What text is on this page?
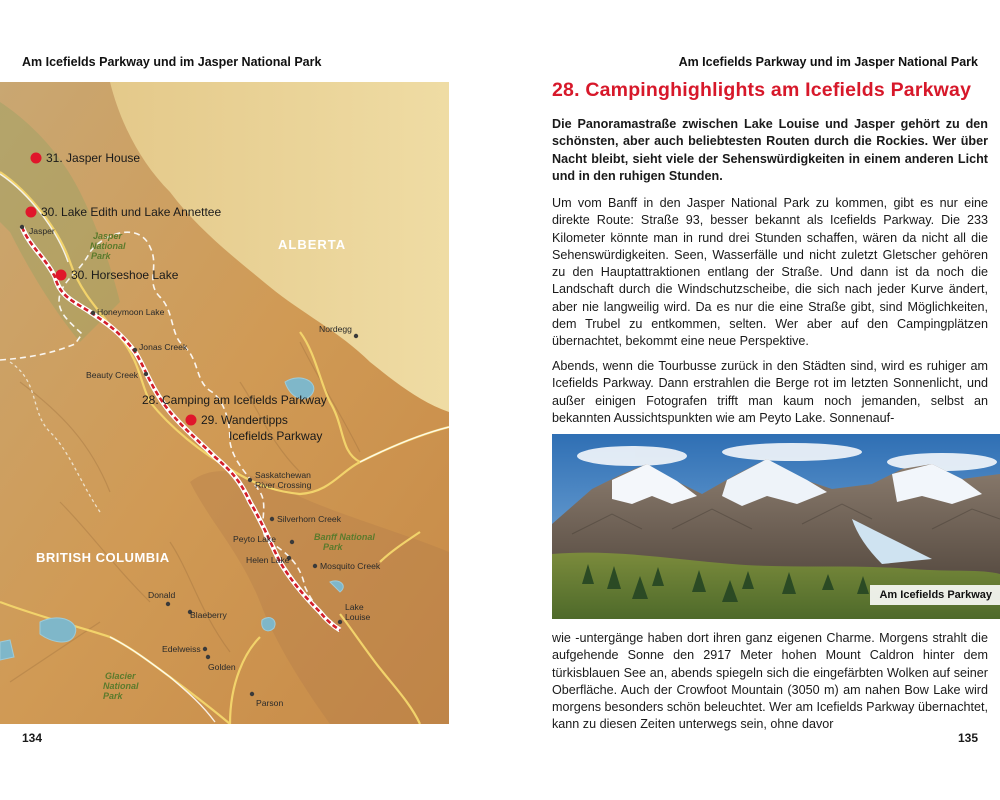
Am Icefields Parkway und im Jasper National Park
ALBERTA
BRITISH COLUMBIA
Jasper
National
Park
Banff National
Park
Glacier
National
Park
31. Jasper House
30. Lake Edith und Lake Annettee
30. Horseshoe Lake
28. Camping am Icefields Parkway
29. Wandertipps
Icefields Parkway
Jasper
Honeymoon Lake
Jonas Creek
Beauty Creek
Nordegg
Saskatchewan
River Crossing
Silverhorn Creek
Peyto Lake
Helen Lake
Mosquito Creek
Lake
Louise
Donald
Blaeberry
Edelweiss
Golden
Parson
134
Am Icefields Parkway und im Jasper National Park
28. Campinghighlights am Icefields Parkway

Die Panoramastraße zwischen Lake Louise und Jasper gehört zu den schönsten, aber auch beliebtesten Routen durch die Rockies. Wer über Nacht bleibt, sieht viele der Sehenswürdigkeiten in einem anderen Licht und in den ruhigen Stunden.

Um vom Banff in den Jasper National Park zu kommen, gibt es nur eine direkte Route: Straße 93, besser bekannt als Icefields Parkway. Die 233 Kilometer könnte man in rund drei Stunden schaffen, wären da nicht all die Sehenswürdigkeiten. Seen, Wasserfälle und nicht zuletzt Gletscher gehören zu den Hauptattraktionen entlang der Straße. Und dann ist da noch die Landschaft durch die Windschutzscheibe, die sich nach jeder Kurve ändert, aber nie langweilig wird. Da es nur die eine Straße gibt, sind Möglichkeiten, dem Trubel zu entkommen, selten. Wer aber auf den Campingplätzen übernachtet, bekommt eine neue Perspektive.

Abends, wenn die Tourbusse zurück in den Städten sind, wird es ruhiger am Icefields Parkway. Dann erstrahlen die Berge rot im letzten Sonnenlicht, und außer einigen Fotografen trifft man kaum noch jemanden, selbst an bekannten Aussichtspunkten wie am Peyto Lake. Sonnenauf-

Am Icefields Parkway

wie -untergänge haben dort ihren ganz eigenen Charme. Morgens strahlt die aufgehende Sonne den 2917 Meter hohen Mount Caldron hinter dem türkisblauen See an, abends spiegeln sich die eingefärbten Wolken auf seiner Oberfläche. Auch der Crowfoot Mountain (3050 m) am nahen Bow Lake wird morgens besonders schön beleuchtet. Wer am Icefields Parkway übernachtet, kann zu diesen Zeiten unterwegs sein, ohne davor

135
